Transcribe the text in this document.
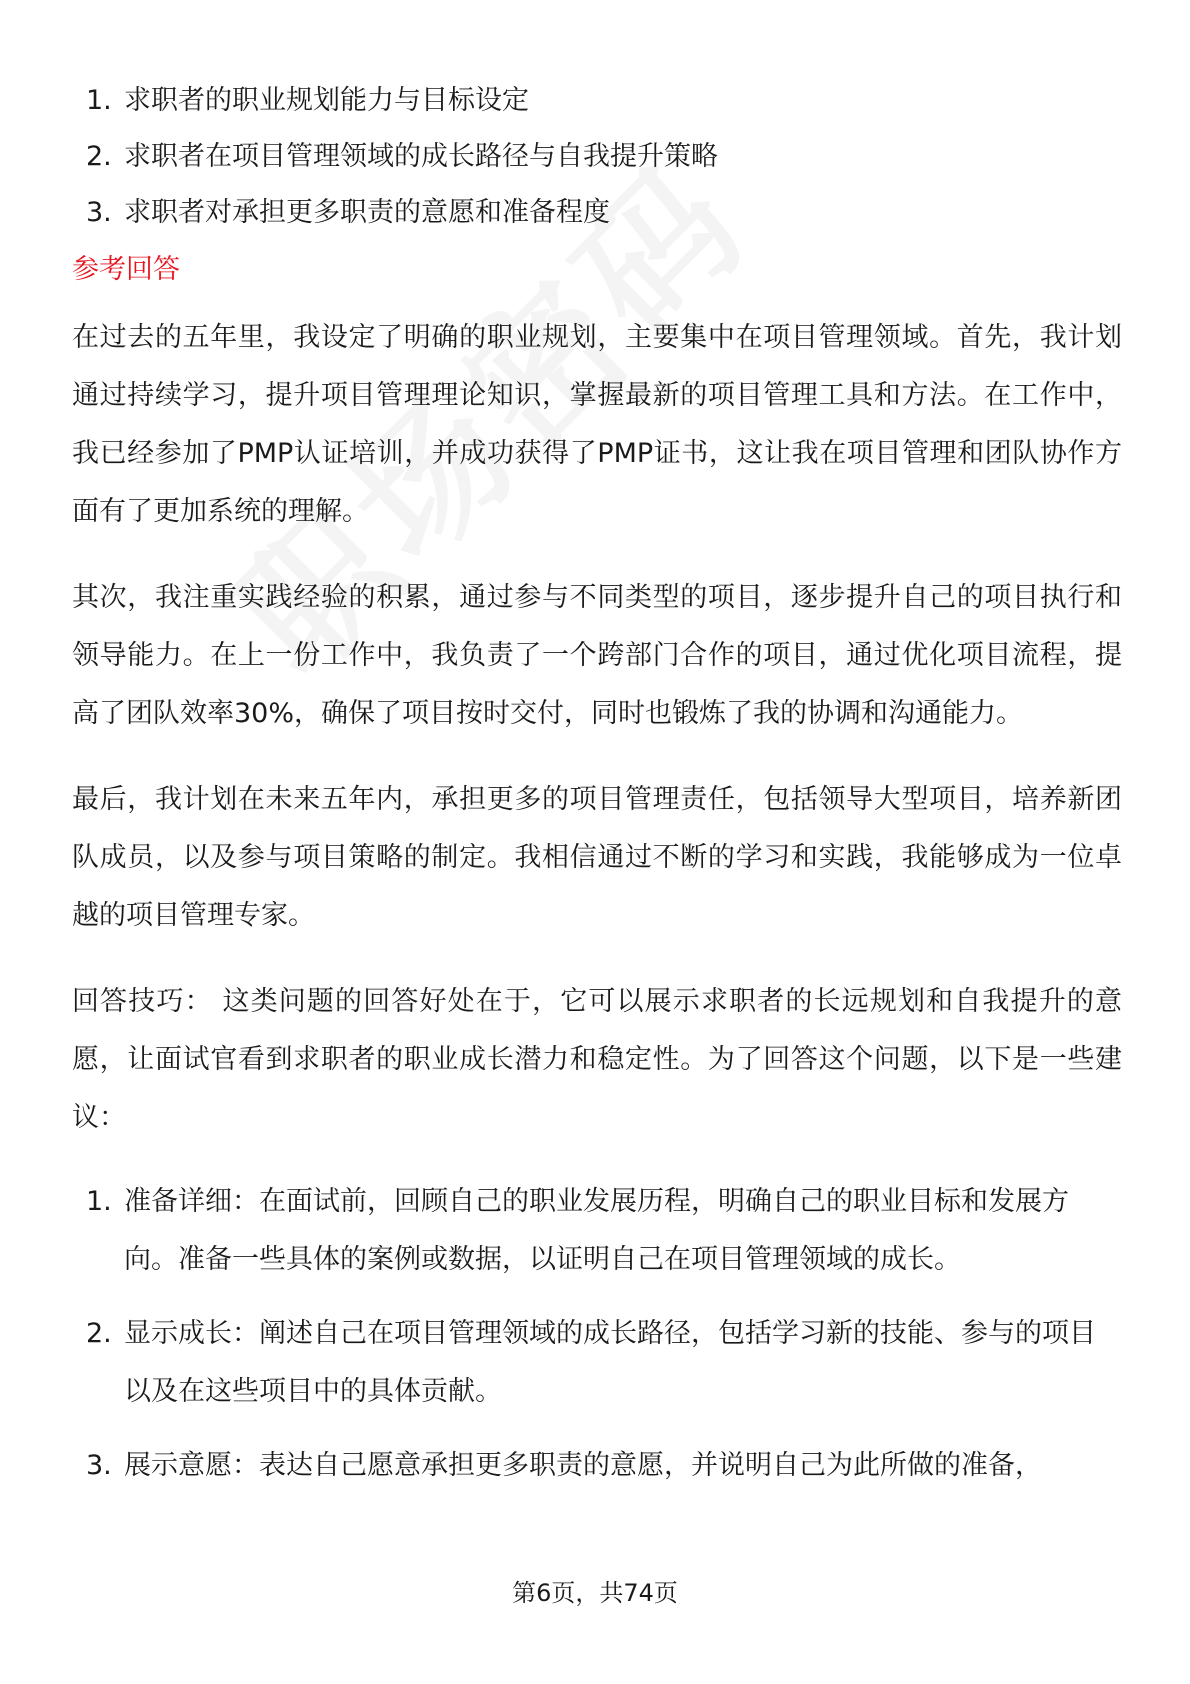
1. 求职者的职业规划能力与目标设定
2. 求职者在项目管理领域的成长路径与自我提升策略
3. 求职者对承担更多职责的意愿和准备程度
参考回答

在过去的五年里，我设定了明确的职业规划，主要集中在项目管理领域。首先，我计划通过持续学习，提升项目管理理论知识，掌握最新的项目管理工具和方法。在工作中，我已经参加了PMP认证培训，并成功获得了PMP证书，这让我在项目管理和团队协作方面有了更加系统的理解。

其次，我注重实践经验的积累，通过参与不同类型的项目，逐步提升自己的项目执行和领导能力。在上一份工作中，我负责了一个跨部门合作的项目，通过优化项目流程，提高了团队效率30%，确保了项目按时交付，同时也锻炼了我的协调和沟通能力。

最后，我计划在未来五年内，承担更多的项目管理责任，包括领导大型项目，培养新团队成员，以及参与项目策略的制定。我相信通过不断的学习和实践，我能够成为一位卓越的项目管理专家。

回答技巧： 这类问题的回答好处在于，它可以展示求职者的长远规划和自我提升的意愿，让面试官看到求职者的职业成长潜力和稳定性。为了回答这个问题，以下是一些建议：

1. 准备详细：在面试前，回顾自己的职业发展历程，明确自己的职业目标和发展方向。准备一些具体的案例或数据，以证明自己在项目管理领域的成长。
2. 显示成长：阐述自己在项目管理领域的成长路径，包括学习新的技能、参与的项目以及在这些项目中的具体贡献。
3. 展示意愿：表达自己愿意承担更多职责的意愿，并说明自己为此所做的准备，
第6页，共74页
